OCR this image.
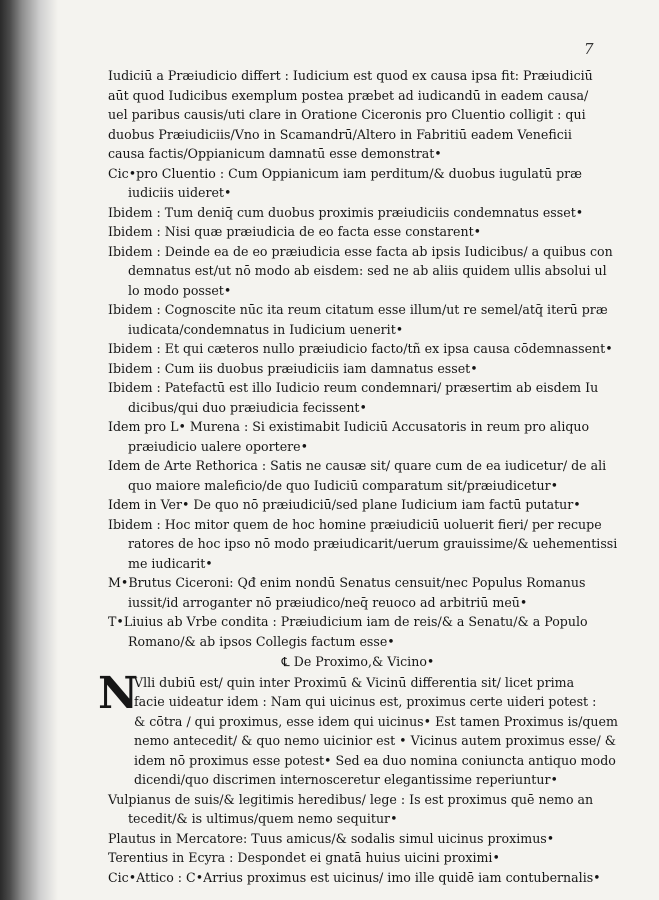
7
Iudiciū a Præiudicio differt : Iudicium est quod ex causa ipsa fit: Præiudiciū
aūt quod Iudicibus exemplum postea præbet ad iudicandū in eadem causa/
uel paribus causis/uti clare in Oratione Ciceronis pro Cluentio colligit : qui
duobus Præiudiciis/Vno in Scamandrū/Altero in Fabritiū eadem Veneficii
causa factis/Oppianicum damnatū esse demonstrat•
Cic•pro Cluentio : Cum Oppianicum iam perditum/& duobus iugulatū præ
iudiciis uideret•
Ibidem : Tum deniq̄ cum duobus proximis præiudiciis condemnatus esset•
Ibidem : Nisi quæ præiudicia de eo facta esse constarent•
Ibidem : Deinde ea de eo præiudicia esse facta ab ipsis Iudicibus/ a quibus con
demnatus est/ut nō modo ab eisdem: sed ne ab aliis quidem ullis absolui ul
lo modo posset•
Ibidem : Cognoscite nūc ita reum citatum esse illum/ut re semel/atq̄ iterū præ
iudicata/condemnatus in Iudicium uenerit•
Ibidem : Et qui cæteros nullo præiudicio facto/tñ ex ipsa causa cōdemnassent•
Ibidem : Cum iis duobus præiudiciis iam damnatus esset•
Ibidem : Patefactū est illo Iudicio reum condemnari/ præsertim ab eisdem Iu
dicibus/qui duo præiudicia fecissent•
Idem pro L• Murena : Si existimabit Iudiciū Accusatoris in reum pro aliquo
præiudicio ualere oportere•
Idem de Arte Rethorica : Satis ne causæ sit/ quare cum de ea iudicetur/ de ali
quo maiore maleficio/de quo Iudiciū comparatum sit/præiudicetur•
Idem in Ver• De quo nō præiudiciū/sed plane Iudicium iam factū putatur•
Ibidem : Hoc mitor quem de hoc homine præiudiciū uoluerit fieri/ per recupe
ratores de hoc ipso nō modo præiudicarit/uerum grauissime/& uehementissi
me iudicarit•
M•Brutus Ciceroni: Qđ enim nondū Senatus censuit/nec Populus Romanus
iussit/id arroganter nō præiudico/neq̄ reuoco ad arbitriū meū•
T•Liuius ab Vrbe condita : Præiudicium iam de reis/& a Senatu/& a Populo
Romano/& ab ipsos Collegis factum esse•
℄ De Proximo,& Vicino•
N
Vlli dubiū est/ quin inter Proximū & Vicinū differentia sit/ licet prima
facie uideatur idem : Nam qui uicinus est, proximus certe uideri potest :
& cōtra / qui proximus, esse idem qui uicinus• Est tamen Proximus is/quem
nemo antecedit/ & quo nemo uicinior est • Vicinus autem proximus esse/ &
idem nō proximus esse potest• Sed ea duo nomina coniuncta antiquo modo
dicendi/quo discrimen internosceretur elegantissime reperiuntur•
Vulpianus de suis/& legitimis heredibus/ lege : Is est proximus quē nemo an
tecedit/& is ultimus/quem nemo sequitur•
Plautus in Mercatore: Tuus amicus/& sodalis simul uicinus proximus•
Terentius in Ecyra : Despondet ei gnatā huius uicini proximi•
Cic•Attico : C•Arrius proximus est uicinus/ imo ille quidē iam contubernalis•
